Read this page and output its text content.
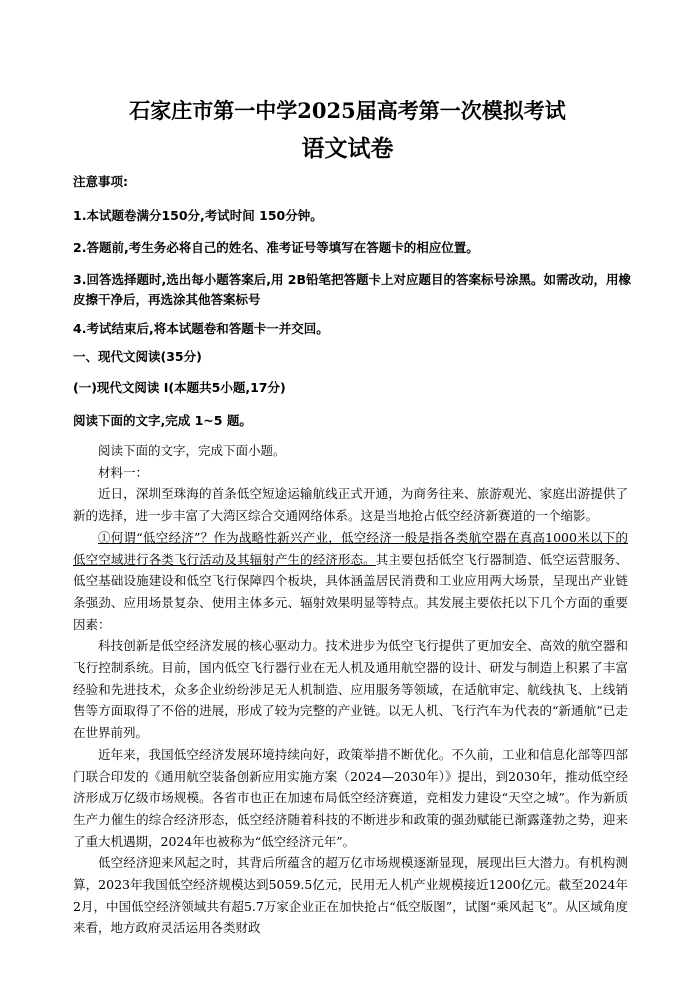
石家庄市第一中学2025届高考第一次模拟考试
语文试卷

注意事项:

1.本试题卷满分150分,考试时间 150分钟。

2.答题前,考生务必将自己的姓名、准考证号等填写在答题卡的相应位置。

3.回答选择题时,选出每小题答案后,用 2B铅笔把答题卡上对应题目的答案标号涂黑。如需改动，用橡皮擦干净后，再选涂其他答案标号

4.考试结束后,将本试题卷和答题卡一并交回。

一、现代文阅读(35分)

(一)现代文阅读 I(本题共5小题,17分)

阅读下面的文字,完成 1~5 题。

阅读下面的文字，完成下面小题。

材料一：

近日，深圳至珠海的首条低空短途运输航线正式开通，为商务往来、旅游观光、家庭出游提供了新的选择，进一步丰富了大湾区综合交通网络体系。这是当地抢占低空经济新赛道的一个缩影。

①何谓“低空经济”？作为战略性新兴产业，低空经济一般是指各类航空器在真高1000米以下的低空空域进行各类飞行活动及其辐射产生的经济形态。其主要包括低空飞行器制造、低空运营服务、低空基础设施建设和低空飞行保障四个板块，具体涵盖居民消费和工业应用两大场景，呈现出产业链条强劲、应用场景复杂、使用主体多元、辐射效果明显等特点。其发展主要依托以下几个方面的重要因素：

科技创新是低空经济发展的核心驱动力。技术进步为低空飞行提供了更加安全、高效的航空器和飞行控制系统。目前，国内低空飞行器行业在无人机及通用航空器的设计、研发与制造上积累了丰富经验和先进技术，众多企业纷纷涉足无人机制造、应用服务等领域，在适航审定、航线执飞、上线销售等方面取得了不俗的进展，形成了较为完整的产业链。以无人机、飞行汽车为代表的“新通航”已走在世界前列。

近年来，我国低空经济发展环境持续向好，政策举措不断优化。不久前，工业和信息化部等四部门联合印发的《通用航空装备创新应用实施方案（2024—2030年）》提出，到2030年，推动低空经济形成万亿级市场规模。各省市也正在加速布局低空经济赛道，竞相发力建设“天空之城”。作为新质生产力催生的综合经济形态，低空经济随着科技的不断进步和政策的强劲赋能已渐露蓬勃之势，迎来了重大机遇期，2024年也被称为“低空经济元年”。

低空经济迎来风起之时，其背后所蕴含的超万亿市场规模逐渐显现，展现出巨大潜力。有机构测算，2023年我国低空经济规模达到5059.5亿元，民用无人机产业规模接近1200亿元。截至2024年2月，中国低空经济领域共有超5.7万家企业正在加快抢占“低空版图”，试图“乘风起飞”。从区域角度来看，地方政府灵活运用各类财政
